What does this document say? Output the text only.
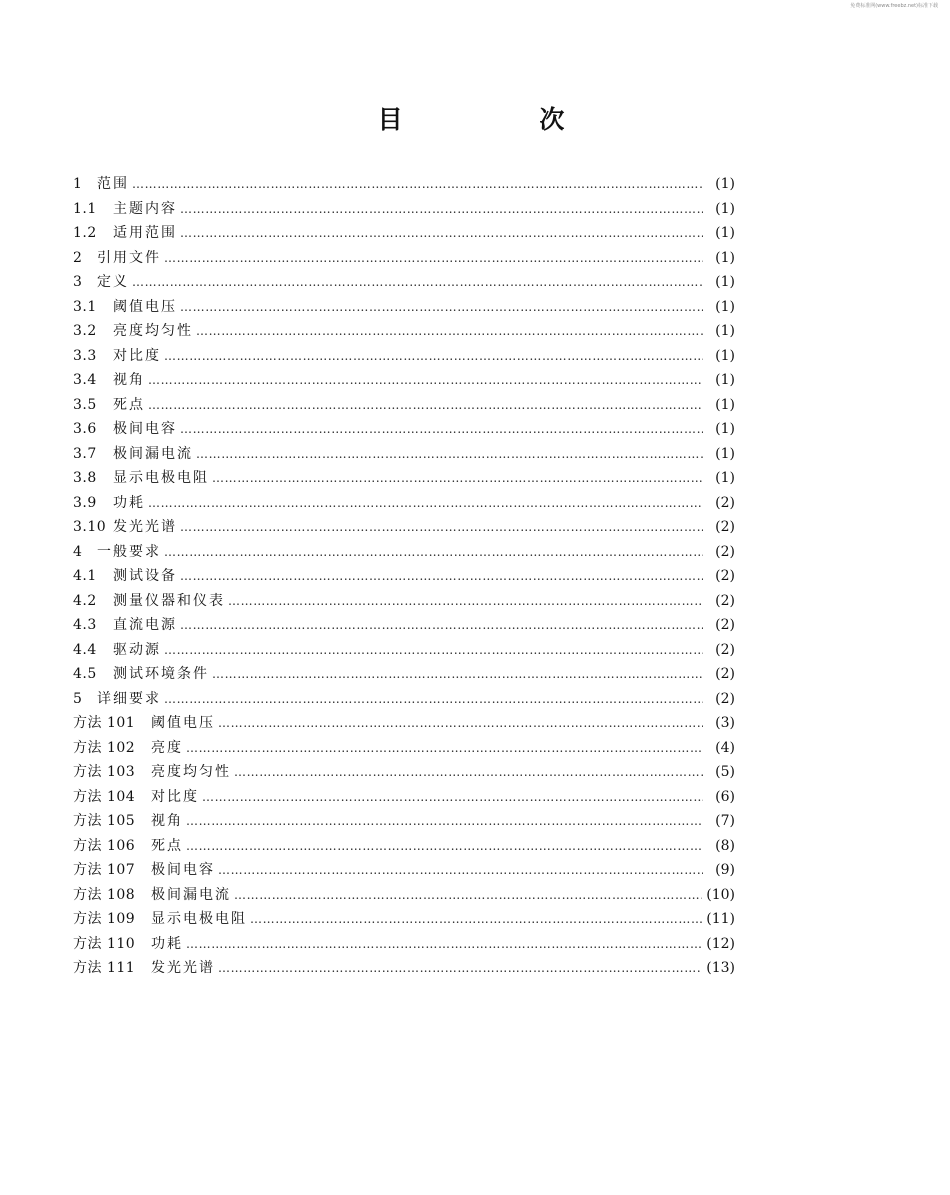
免费标准网(www.freebz.net)标准下载
目 次
1	范围 ………………………………………………………………………………………………………………………………………………………………………………………………………………	(1)
1.1	主题内容 ………………………………………………………………………………………………………………………………………………………………………………………………………………	(1)
1.2	适用范围 ………………………………………………………………………………………………………………………………………………………………………………………………………………	(1)
2	引用文件 ………………………………………………………………………………………………………………………………………………………………………………………………………………	(1)
3	定义 ………………………………………………………………………………………………………………………………………………………………………………………………………………	(1)
3.1	阈值电压 ………………………………………………………………………………………………………………………………………………………………………………………………………………	(1)
3.2	亮度均匀性 ………………………………………………………………………………………………………………………………………………………………………………………………………………	(1)
3.3	对比度 ………………………………………………………………………………………………………………………………………………………………………………………………………………	(1)
3.4	视角 ………………………………………………………………………………………………………………………………………………………………………………………………………………	(1)
3.5	死点 ………………………………………………………………………………………………………………………………………………………………………………………………………………	(1)
3.6	极间电容 ………………………………………………………………………………………………………………………………………………………………………………………………………………	(1)
3.7	极间漏电流 ………………………………………………………………………………………………………………………………………………………………………………………………………………	(1)
3.8	显示电极电阻 ………………………………………………………………………………………………………………………………………………………………………………………………………………	(1)
3.9	功耗 ………………………………………………………………………………………………………………………………………………………………………………………………………………	(2)
3.10 发光光谱 ………………………………………………………………………………………………………………………………………………………………………………………………………………	(2)
4	一般要求 ………………………………………………………………………………………………………………………………………………………………………………………………………………	(2)
4.1	测试设备 ………………………………………………………………………………………………………………………………………………………………………………………………………………	(2)
4.2	测量仪器和仪表 ………………………………………………………………………………………………………………………………………………………………………………………………………………	(2)
4.3	直流电源 ………………………………………………………………………………………………………………………………………………………………………………………………………………	(2)
4.4	驱动源 ………………………………………………………………………………………………………………………………………………………………………………………………………………	(2)
4.5	测试环境条件 ………………………………………………………………………………………………………………………………………………………………………………………………………………	(2)
5	详细要求 ………………………………………………………………………………………………………………………………………………………………………………………………………………	(2)
方法 101	阈值电压 ………………………………………………………………………………………………………………………………………………………………………………………………………………	(3)
方法 102	亮度 ………………………………………………………………………………………………………………………………………………………………………………………………………………	(4)
方法 103	亮度均匀性 ………………………………………………………………………………………………………………………………………………………………………………………………………………	(5)
方法 104	对比度 ………………………………………………………………………………………………………………………………………………………………………………………………………………	(6)
方法 105	视角 ………………………………………………………………………………………………………………………………………………………………………………………………………………	(7)
方法 106	死点 ………………………………………………………………………………………………………………………………………………………………………………………………………………	(8)
方法 107	极间电容 ………………………………………………………………………………………………………………………………………………………………………………………………………………	(9)
方法 108	极间漏电流 ………………………………………………………………………………………………………………………………………………………………………………………………………………	(10)
方法 109	显示电极电阻 ………………………………………………………………………………………………………………………………………………………………………………………………………………	(11)
方法 110	功耗 ………………………………………………………………………………………………………………………………………………………………………………………………………………	(12)
方法 111	发光光谱 ………………………………………………………………………………………………………………………………………………………………………………………………………………	(13)
